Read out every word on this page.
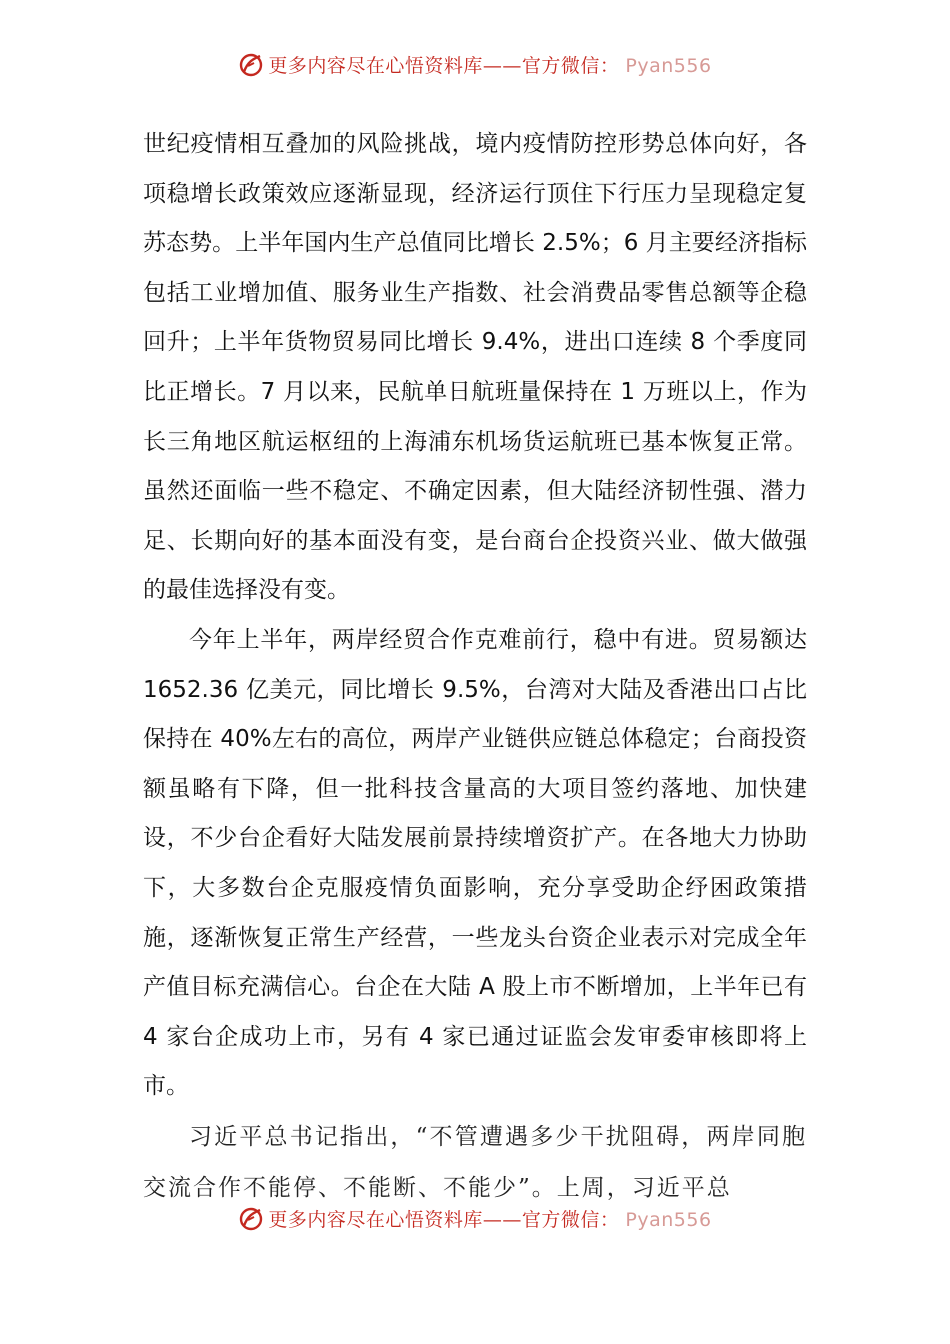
更多内容尽在心悟资料库——官方微信： Pyan556

世纪疫情相互叠加的风险挑战，境内疫情防控形势总体向好，各项稳增长政策效应逐渐显现，经济运行顶住下行压力呈现稳定复苏态势。上半年国内生产总值同比增长 2.5%；6 月主要经济指标包括工业增加值、服务业生产指数、社会消费品零售总额等企稳回升；上半年货物贸易同比增长 9.4%，进出口连续 8 个季度同比正增长。7 月以来，民航单日航班量保持在 1 万班以上，作为长三角地区航运枢纽的上海浦东机场货运航班已基本恢复正常。虽然还面临一些不稳定、不确定因素，但大陆经济韧性强、潜力足、长期向好的基本面没有变，是台商台企投资兴业、做大做强的最佳选择没有变。

今年上半年，两岸经贸合作克难前行，稳中有进。贸易额达 1652.36 亿美元，同比增长 9.5%，台湾对大陆及香港出口占比保持在 40%左右的高位，两岸产业链供应链总体稳定；台商投资额虽略有下降，但一批科技含量高的大项目签约落地、加快建设，不少台企看好大陆发展前景持续增资扩产。在各地大力协助下，大多数台企克服疫情负面影响，充分享受助企纾困政策措施，逐渐恢复正常生产经营，一些龙头台资企业表示对完成全年产值目标充满信心。台企在大陆 A 股上市不断增加，上半年已有 4 家台企成功上市，另有 4 家已通过证监会发审委审核即将上市。

习近平总书记指出，“不管遭遇多少干扰阻碍，两岸同胞交流合作不能停、不能断、不能少”。上周，习近平总

更多内容尽在心悟资料库——官方微信： Pyan556
